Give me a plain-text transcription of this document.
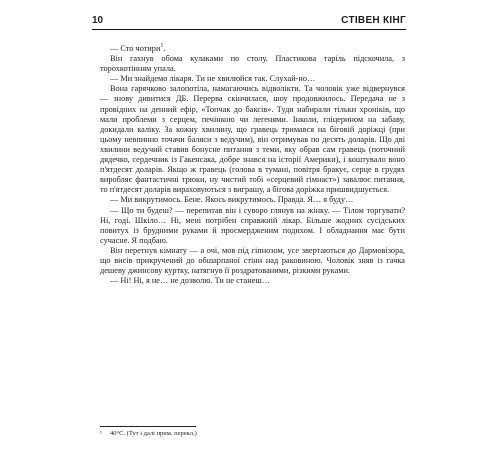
10	СТІВЕН КІНГ

— Сто чотири$^1$.

Він гахнув обома кулаками по столу. Пластикова таріль підскочила, з торохкотінням упала.

— Ми знайдемо лікаря. Ти не хвилюйся так. Слухай-но…

Вона гарячково залопотіла, намагаючись відволікти. Та чоловік уже відвернувся — знову дивитися ДБ. Перерва скінчилася, шоу продовжилось. Передача не з провідних на денний ефір, «Топчак до баксів». Туди набирали тільки хроніків, що мали проблеми з серцем, печінкою чи легенями. Інколи, гліцерином на забаву, докидали каліку. За кожну хвилину, що гравець тримався на біговій доріжці (при цьому невпинно точачи баляси з ведучим), він отримував по десять доларів. Що дві хвилини ведучий ставив бонусне питання з теми, яку обрав сам гравець (поточний дядечко, сердечник із Гакенсака, добре знався на історії Америки), і коштувало воно п'ятдесят доларів. Якщо ж гравець (голова в тумані, повітря бракує, серце в грудях виробляє фантастичні трюки, ну чистий тобі «серцевий гімнаст») завалює питання, то п'ятдесят доларів вираховуються з виграшу, а бігова доріжка пришвидшується.

— Ми викрутимось. Бене. Якось викрутимось. Правда. Я… я буду…

— Що ти будеш? — перепитав він і суворо глянув на жінку. — Тілом торгувати? Ні, годі. Шкіло… Ні, мені потрібен справжній лікар. Більше жодних сусідських повитух із брудними руками й просмердженим подихом. І обладнання має бути сучасне. Я подбаю.

Він перетнув кімнату — а очі, мов під гіпнозом, усе звертаються до Дармовізора, що висів прикручений до обшарпаної стіни над раковиною. Чоловік зняв із гачка дешеву джинсову куртку, натягнув її роздратованими, різкими руками.

— Ні! Ні, я не… не дозволю. Ти не станеш…

¹ 40°С. (Тут і далі прим. перекл.)
